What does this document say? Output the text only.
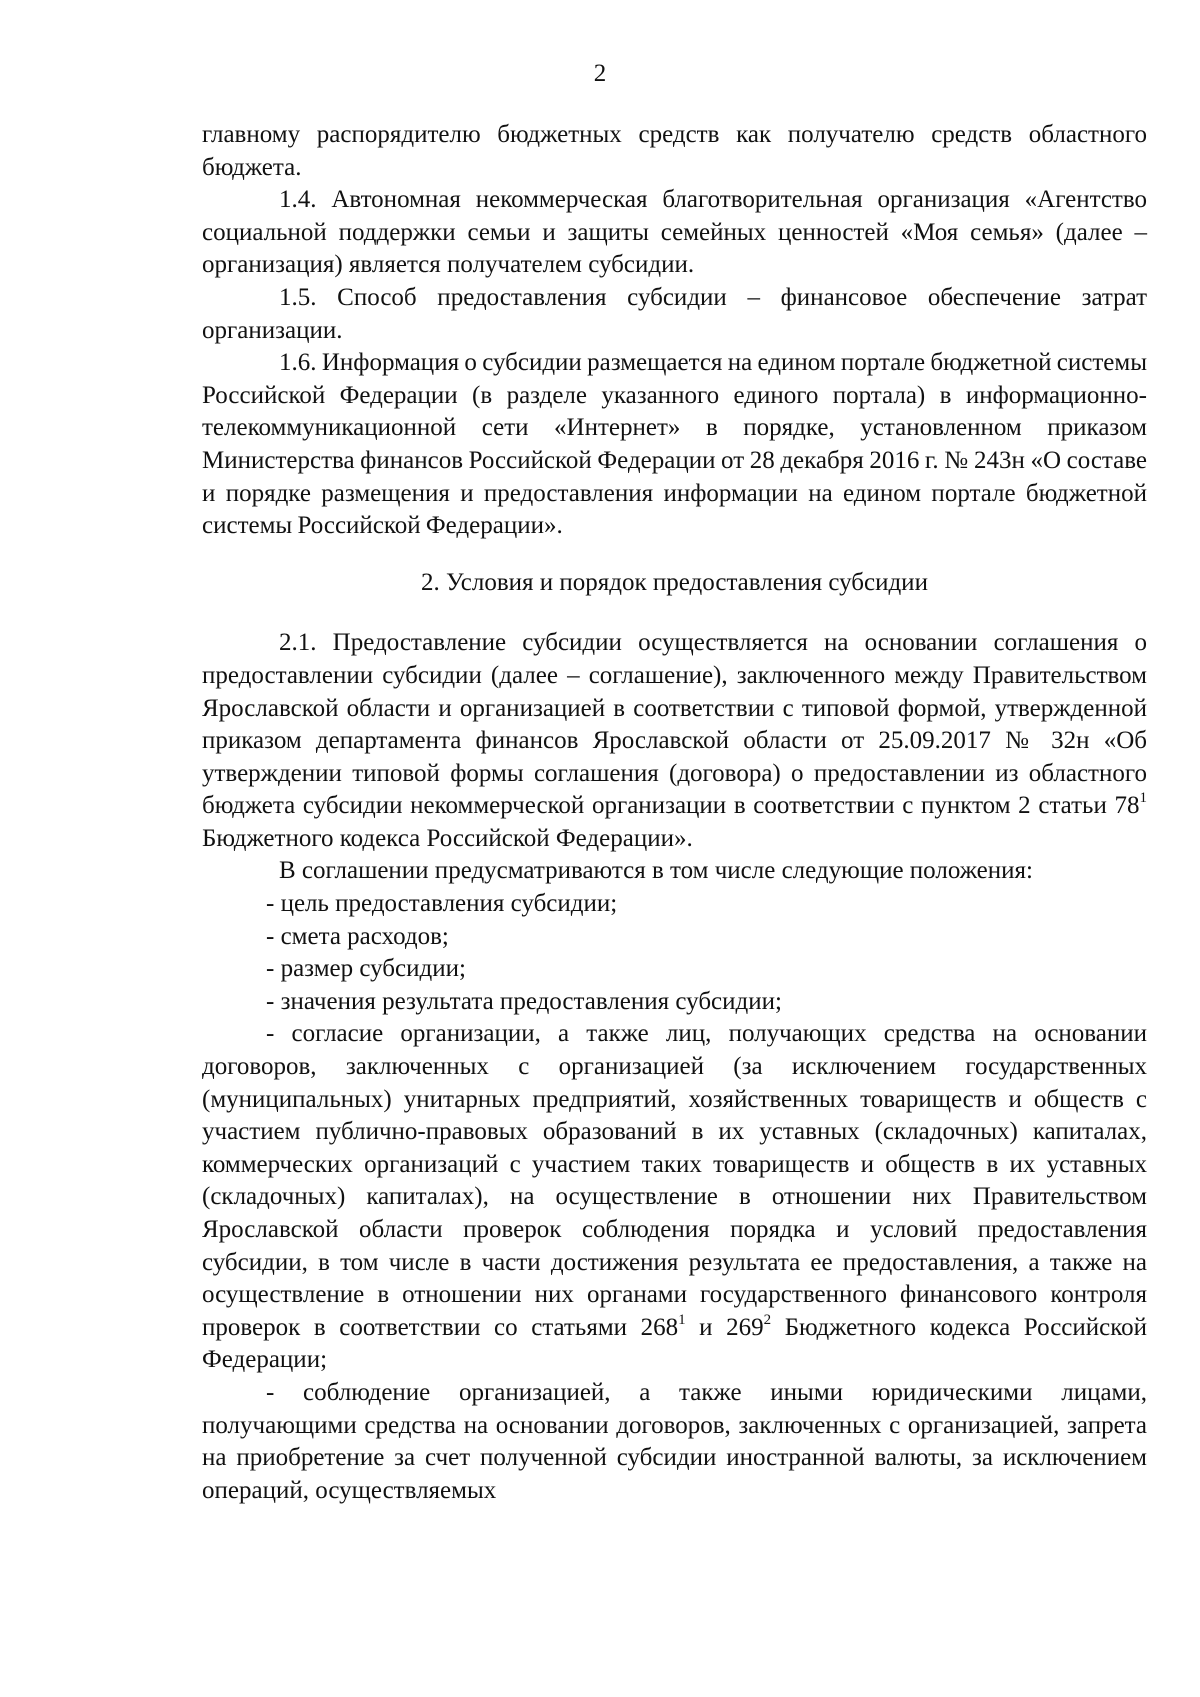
2

главному распорядителю бюджетных средств как получателю средств областного бюджета.

1.4. Автономная некоммерческая благотворительная организация «Агентство социальной поддержки семьи и защиты семейных ценностей «Моя семья» (далее – организация) является получателем субсидии.

1.5. Способ предоставления субсидии – финансовое обеспечение затрат организации.

1.6. Информация о субсидии размещается на едином портале бюджетной системы Российской Федерации (в разделе указанного единого портала) в информационно-телекоммуникационной сети «Интернет» в порядке, установленном приказом Министерства финансов Российской Федерации от 28 декабря 2016 г. № 243н «О составе и порядке размещения и предоставления информации на едином портале бюджетной системы Российской Федерации».

2. Условия и порядок предоставления субсидии

2.1. Предоставление субсидии осуществляется на основании соглашения о предоставлении субсидии (далее – соглашение), заключенного между Правительством Ярославской области и организацией в соответствии с типовой формой, утвержденной приказом департамента финансов Ярославской области от 25.09.2017 № 32н «Об утверждении типовой формы соглашения (договора) о предоставлении из областного бюджета субсидии некоммерческой организации в соответствии с пунктом 2 статьи $78^1$ Бюджетного кодекса Российской Федерации».

В соглашении предусматриваются в том числе следующие положения:

- цель предоставления субсидии;

- смета расходов;

- размер субсидии;

- значения результата предоставления субсидии;

- согласие организации, а также лиц, получающих средства на основании договоров, заключенных с организацией (за исключением государственных (муниципальных) унитарных предприятий, хозяйственных товариществ и обществ с участием публично-правовых образований в их уставных (складочных) капиталах, коммерческих организаций с участием таких товариществ и обществ в их уставных (складочных) капиталах), на осуществление в отношении них Правительством Ярославской области проверок соблюдения порядка и условий предоставления субсидии, в том числе в части достижения результата ее предоставления, а также на осуществление в отношении них органами государственного финансового контроля проверок в соответствии со статьями $268^1$ и $269^2$ Бюджетного кодекса Российской Федерации;

- соблюдение организацией, а также иными юридическими лицами, получающими средства на основании договоров, заключенных с организацией, запрета на приобретение за счет полученной субсидии иностранной валюты, за исключением операций, осуществляемых
